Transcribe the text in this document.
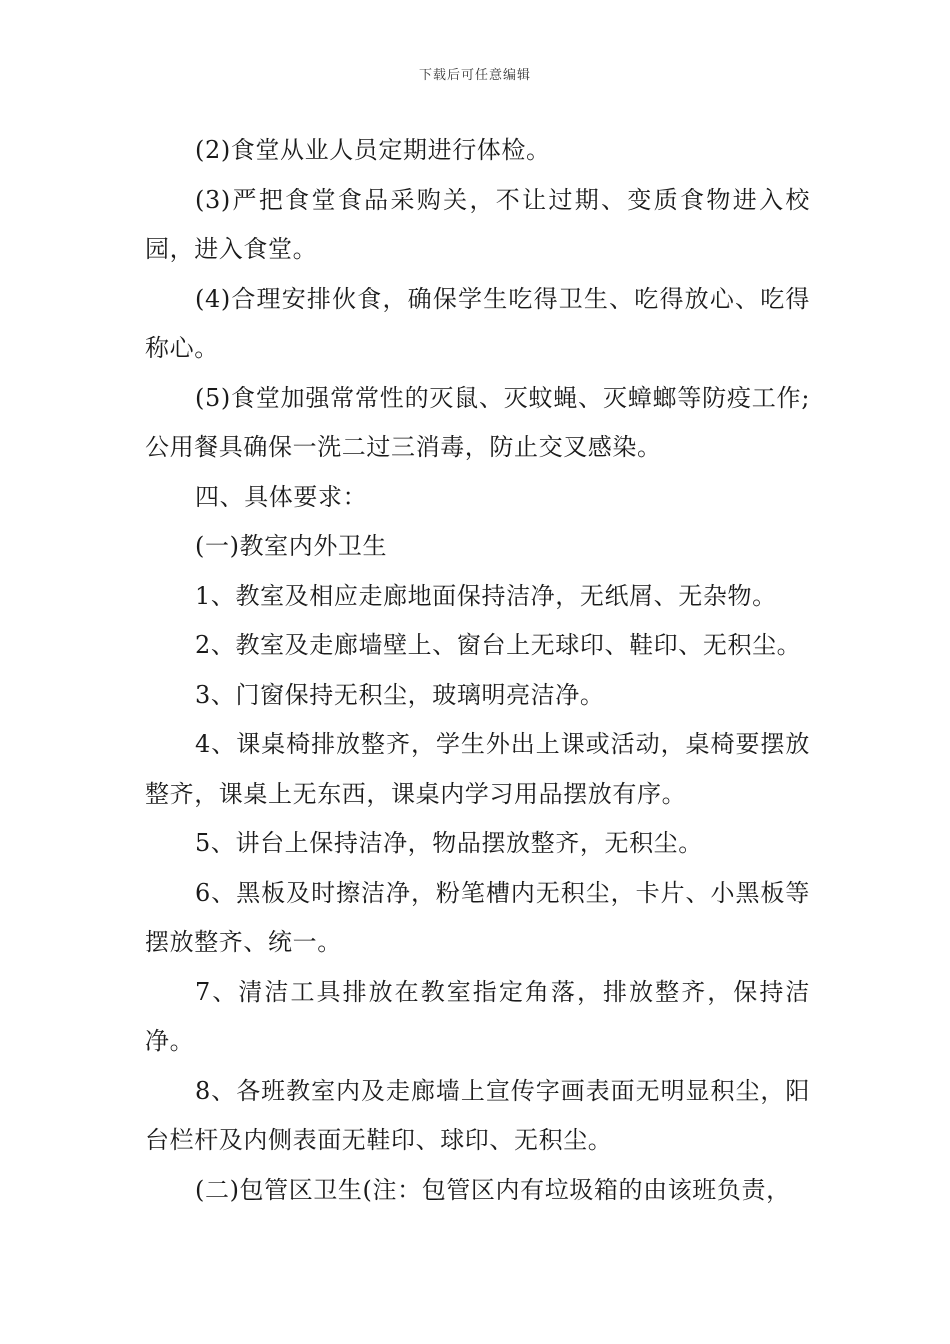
下载后可任意编辑

(2)食堂从业人员定期进行体检。

(3)严把食堂食品采购关，不让过期、变质食物进入校园，进入食堂。

(4)合理安排伙食，确保学生吃得卫生、吃得放心、吃得称心。

(5)食堂加强常常性的灭鼠、灭蚊蝇、灭蟑螂等防疫工作;公用餐具确保一洗二过三消毒，防止交叉感染。

四、具体要求：

(一)教室内外卫生

1、教室及相应走廊地面保持洁净，无纸屑、无杂物。

2、教室及走廊墙壁上、窗台上无球印、鞋印、无积尘。

3、门窗保持无积尘，玻璃明亮洁净。

4、课桌椅排放整齐，学生外出上课或活动，桌椅要摆放整齐，课桌上无东西，课桌内学习用品摆放有序。

5、讲台上保持洁净，物品摆放整齐，无积尘。

6、黑板及时擦洁净，粉笔槽内无积尘，卡片、小黑板等摆放整齐、统一。

7、清洁工具排放在教室指定角落，排放整齐，保持洁净。

8、各班教室内及走廊墙上宣传字画表面无明显积尘，阳台栏杆及内侧表面无鞋印、球印、无积尘。

(二)包管区卫生(注：包管区内有垃圾箱的由该班负责，
